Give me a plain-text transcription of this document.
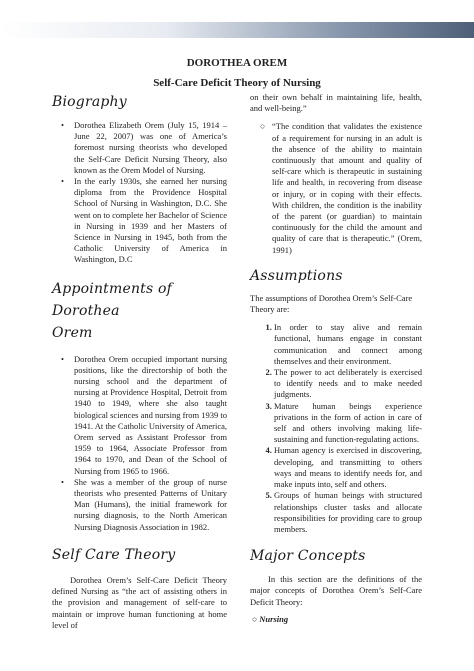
DOROTHEA OREM
Self-Care Deficit Theory of Nursing
Biography
• Dorothea Elizabeth Orem (July 15, 1914 – June 22, 2007) was one of America’s foremost nursing theorists who developed the Self-Care Deficit Nursing Theory, also known as the Orem Model of Nursing.
• In the early 1930s, she earned her nursing diploma from the Providence Hospital School of Nursing in Washington, D.C. She went on to complete her Bachelor of Science in Nursing in 1939 and her Masters of Science in Nursing in 1945, both from the Catholic University of America in Washington, D.C
Appointments of Dorothea
Orem
• Dorothea Orem occupied important nursing positions, like the directorship of both the nursing school and the department of nursing at Providence Hospital, Detroit from 1940 to 1949, where she also taught biological sciences and nursing from 1939 to 1941. At the Catholic University of America, Orem served as Assistant Professor from 1959 to 1964, Associate Professor from 1964 to 1970, and Dean of the School of Nursing from 1965 to 1966.
• She was a member of the group of nurse theorists who presented Patterns of Unitary Man (Humans), the initial framework for nursing diagnosis, to the North American Nursing Diagnosis Association in 1982.
Self Care Theory

Dorothea Orem’s Self-Care Deficit Theory defined Nursing as “the act of assisting others in the provision and management of self-care to maintain or improve human functioning at home level of

on their own behalf in maintaining life, health, and well-being.”

○ “The condition that validates the existence of a requirement for nursing in an adult is the absence of the ability to maintain continuously that amount and quality of self-care which is therapeutic in sustaining life and health, in recovering from disease or injury, or in coping with their effects. With children, the condition is the inability of the parent (or guardian) to maintain continuously for the child the amount and quality of care that is therapeutic.” (Orem, 1991)
Assumptions

The assumptions of Dorothea Orem’s Self-Care Theory are:

1. In order to stay alive and remain functional, humans engage in constant communication and connect among themselves and their environment.
2. The power to act deliberately is exercised to identify needs and to make needed judgments.
3. Mature human beings experience privations in the form of action in care of self and others involving making life-sustaining and function-regulating actions.
4. Human agency is exercised in discovering, developing, and transmitting to others ways and means to identify needs for, and make inputs into, self and others.
5. Groups of human beings with structured relationships cluster tasks and allocate responsibilities for providing care to group members.
Major Concepts

In this section are the definitions of the major concepts of Dorothea Orem’s Self-Care Deficit Theory:

○ Nursing
